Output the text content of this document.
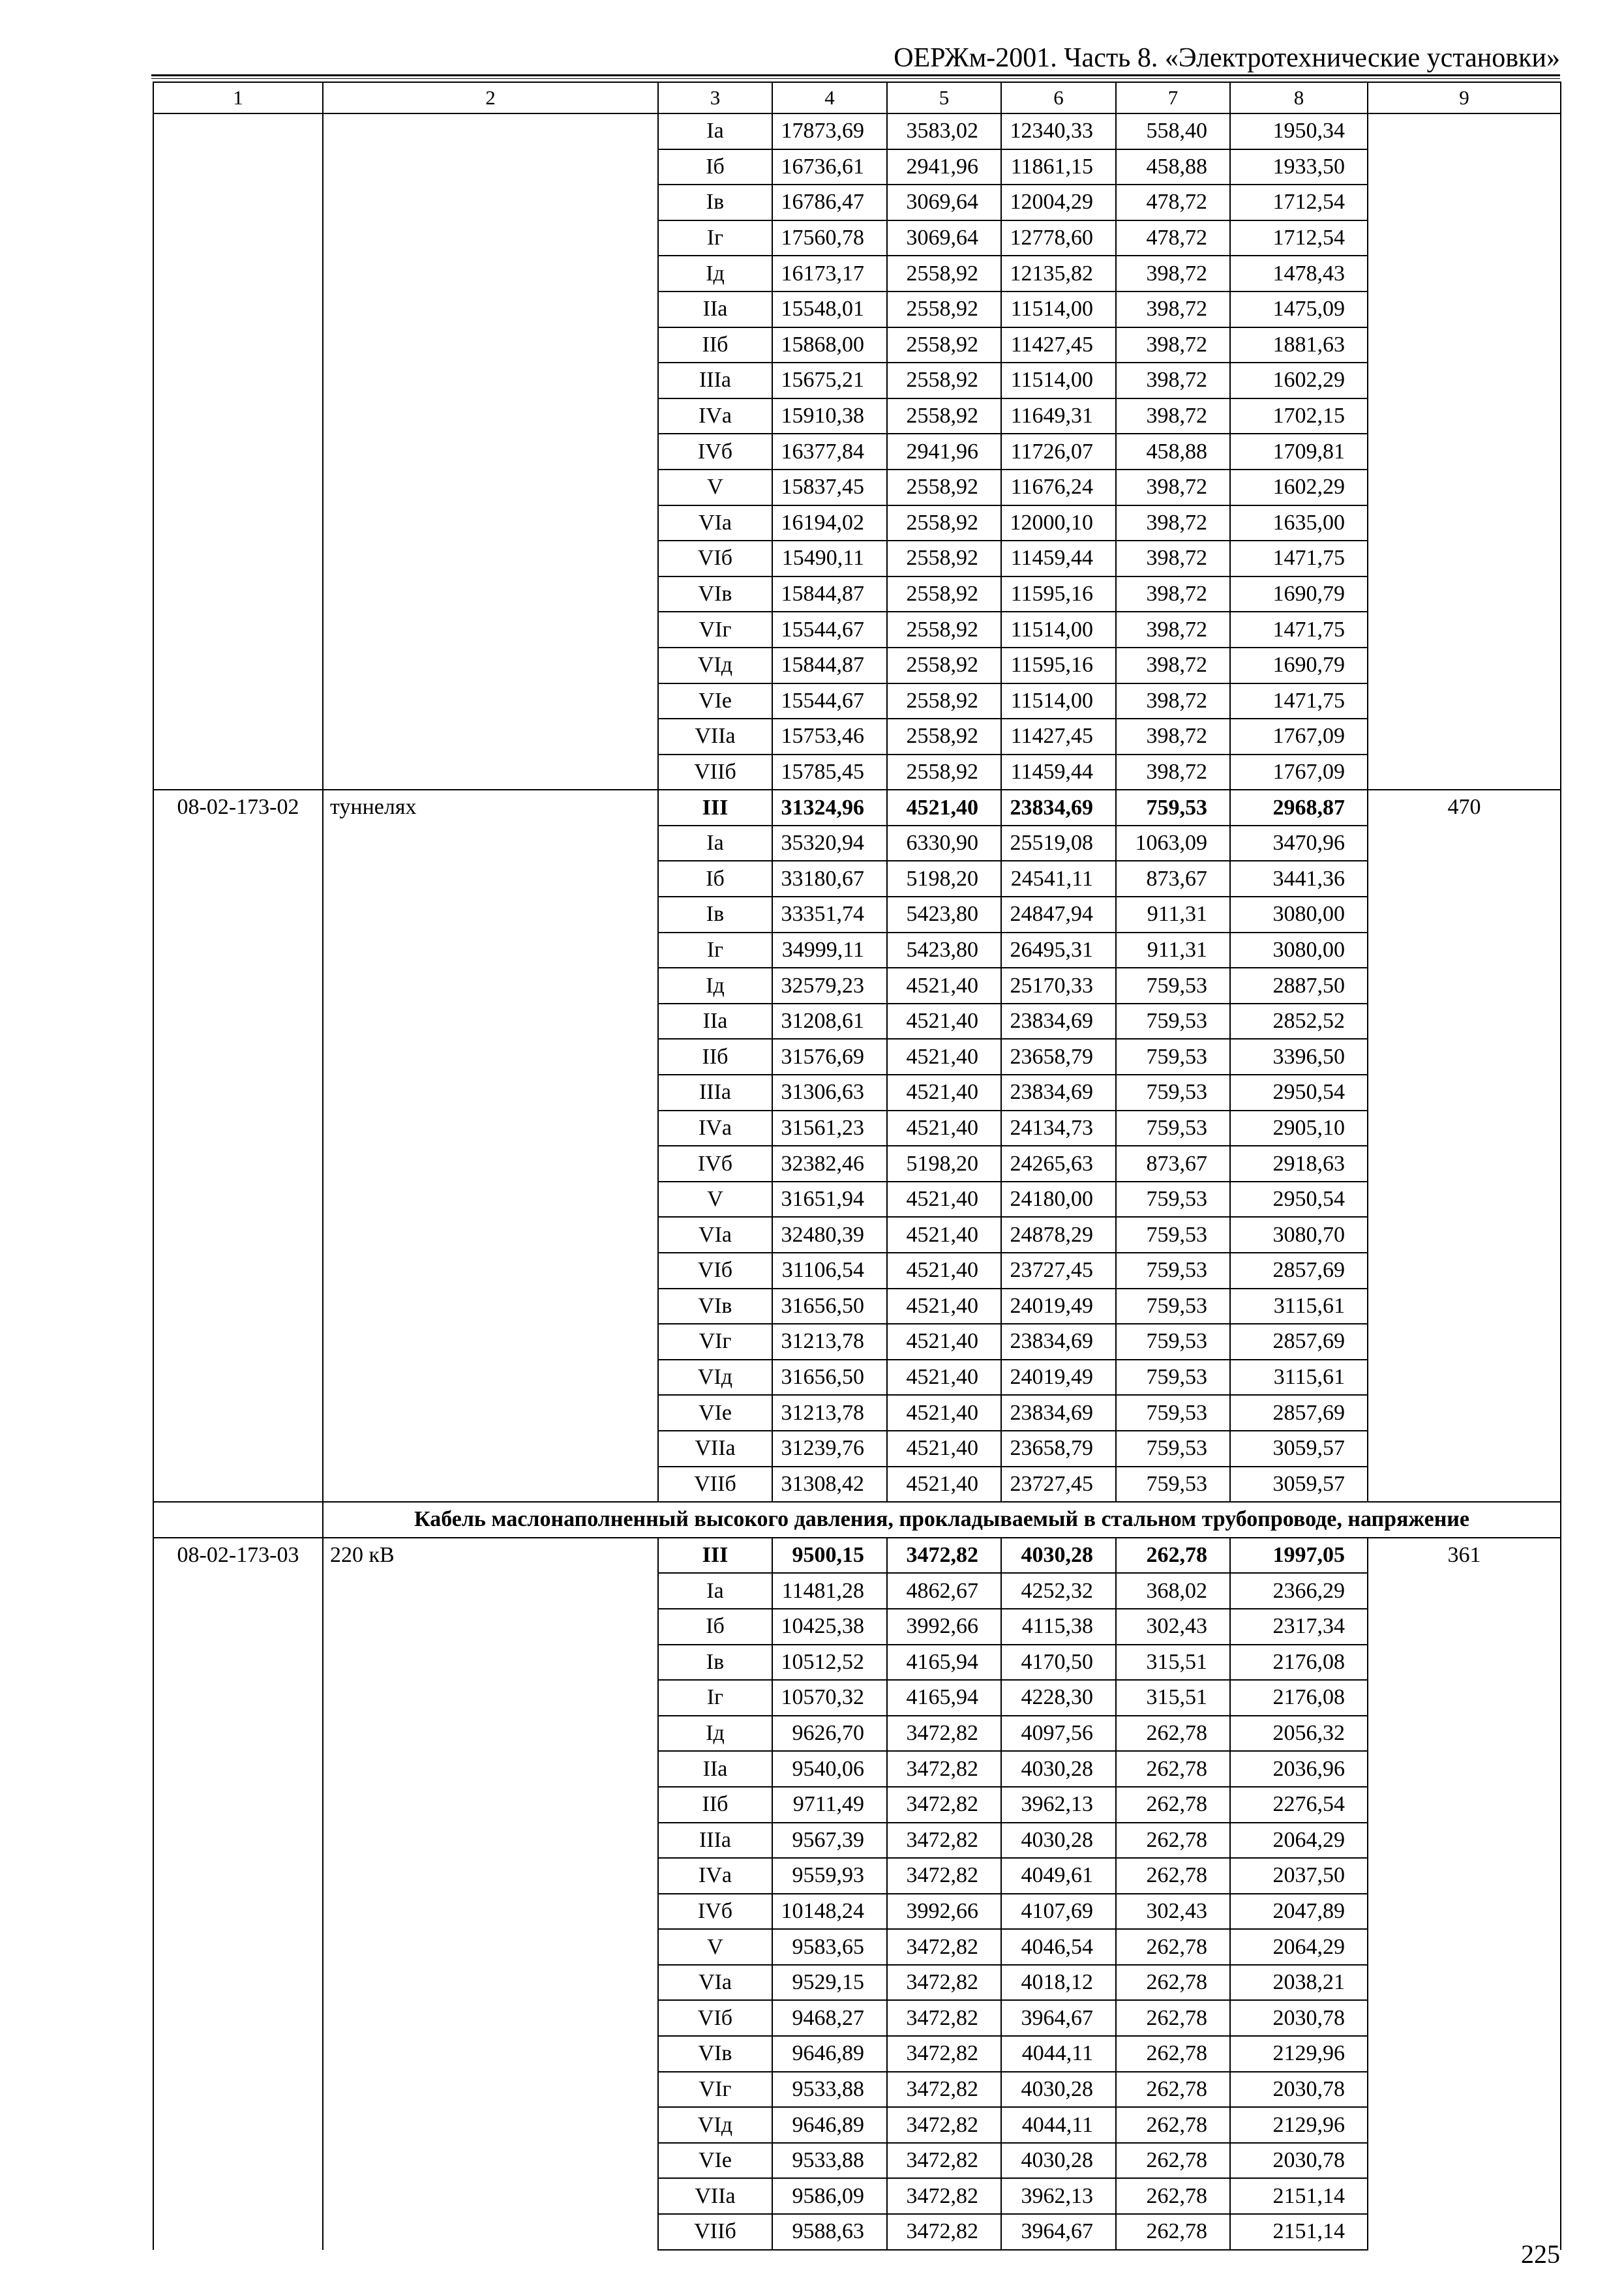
ОЕРЖм-2001. Часть 8. «Электротехнические установки»
1	2	3	4	5	6	7	8	9
		Iа	17873,69	3583,02	12340,33	558,40	1950,34	
		Iб	16736,61	2941,96	11861,15	458,88	1933,50	
		Iв	16786,47	3069,64	12004,29	478,72	1712,54	
		Iг	17560,78	3069,64	12778,60	478,72	1712,54	
		Iд	16173,17	2558,92	12135,82	398,72	1478,43	
		IIа	15548,01	2558,92	11514,00	398,72	1475,09	
		IIб	15868,00	2558,92	11427,45	398,72	1881,63	
		IIIа	15675,21	2558,92	11514,00	398,72	1602,29	
		IVа	15910,38	2558,92	11649,31	398,72	1702,15	
		IVб	16377,84	2941,96	11726,07	458,88	1709,81	
		V	15837,45	2558,92	11676,24	398,72	1602,29	
		VIа	16194,02	2558,92	12000,10	398,72	1635,00	
		VIб	15490,11	2558,92	11459,44	398,72	1471,75	
		VIв	15844,87	2558,92	11595,16	398,72	1690,79	
		VIг	15544,67	2558,92	11514,00	398,72	1471,75	
		VIд	15844,87	2558,92	11595,16	398,72	1690,79	
		VIе	15544,67	2558,92	11514,00	398,72	1471,75	
		VIIа	15753,46	2558,92	11427,45	398,72	1767,09	
		VIIб	15785,45	2558,92	11459,44	398,72	1767,09	
08-02-173-02	туннелях	III	31324,96	4521,40	23834,69	759,53	2968,87	470
		Iа	35320,94	6330,90	25519,08	1063,09	3470,96	
		Iб	33180,67	5198,20	24541,11	873,67	3441,36	
		Iв	33351,74	5423,80	24847,94	911,31	3080,00	
		Iг	34999,11	5423,80	26495,31	911,31	3080,00	
		Iд	32579,23	4521,40	25170,33	759,53	2887,50	
		IIа	31208,61	4521,40	23834,69	759,53	2852,52	
		IIб	31576,69	4521,40	23658,79	759,53	3396,50	
		IIIа	31306,63	4521,40	23834,69	759,53	2950,54	
		IVа	31561,23	4521,40	24134,73	759,53	2905,10	
		IVб	32382,46	5198,20	24265,63	873,67	2918,63	
		V	31651,94	4521,40	24180,00	759,53	2950,54	
		VIа	32480,39	4521,40	24878,29	759,53	3080,70	
		VIб	31106,54	4521,40	23727,45	759,53	2857,69	
		VIв	31656,50	4521,40	24019,49	759,53	3115,61	
		VIг	31213,78	4521,40	23834,69	759,53	2857,69	
		VIд	31656,50	4521,40	24019,49	759,53	3115,61	
		VIе	31213,78	4521,40	23834,69	759,53	2857,69	
		VIIа	31239,76	4521,40	23658,79	759,53	3059,57	
		VIIб	31308,42	4521,40	23727,45	759,53	3059,57	
	Кабель маслонаполненный высокого давления, прокладываемый в стальном трубопроводе, напряжение							
08-02-173-03	220 кВ	III	9500,15	3472,82	4030,28	262,78	1997,05	361
		Iа	11481,28	4862,67	4252,32	368,02	2366,29	
		Iб	10425,38	3992,66	4115,38	302,43	2317,34	
		Iв	10512,52	4165,94	4170,50	315,51	2176,08	
		Iг	10570,32	4165,94	4228,30	315,51	2176,08	
		Iд	9626,70	3472,82	4097,56	262,78	2056,32	
		IIа	9540,06	3472,82	4030,28	262,78	2036,96	
		IIб	9711,49	3472,82	3962,13	262,78	2276,54	
		IIIа	9567,39	3472,82	4030,28	262,78	2064,29	
		IVа	9559,93	3472,82	4049,61	262,78	2037,50	
		IVб	10148,24	3992,66	4107,69	302,43	2047,89	
		V	9583,65	3472,82	4046,54	262,78	2064,29	
		VIа	9529,15	3472,82	4018,12	262,78	2038,21	
		VIб	9468,27	3472,82	3964,67	262,78	2030,78	
		VIв	9646,89	3472,82	4044,11	262,78	2129,96	
		VIг	9533,88	3472,82	4030,28	262,78	2030,78	
		VIд	9646,89	3472,82	4044,11	262,78	2129,96	
		VIе	9533,88	3472,82	4030,28	262,78	2030,78	
		VIIа	9586,09	3472,82	3962,13	262,78	2151,14	
		VIIб	9588,63	3472,82	3964,67	262,78	2151,14	
225
